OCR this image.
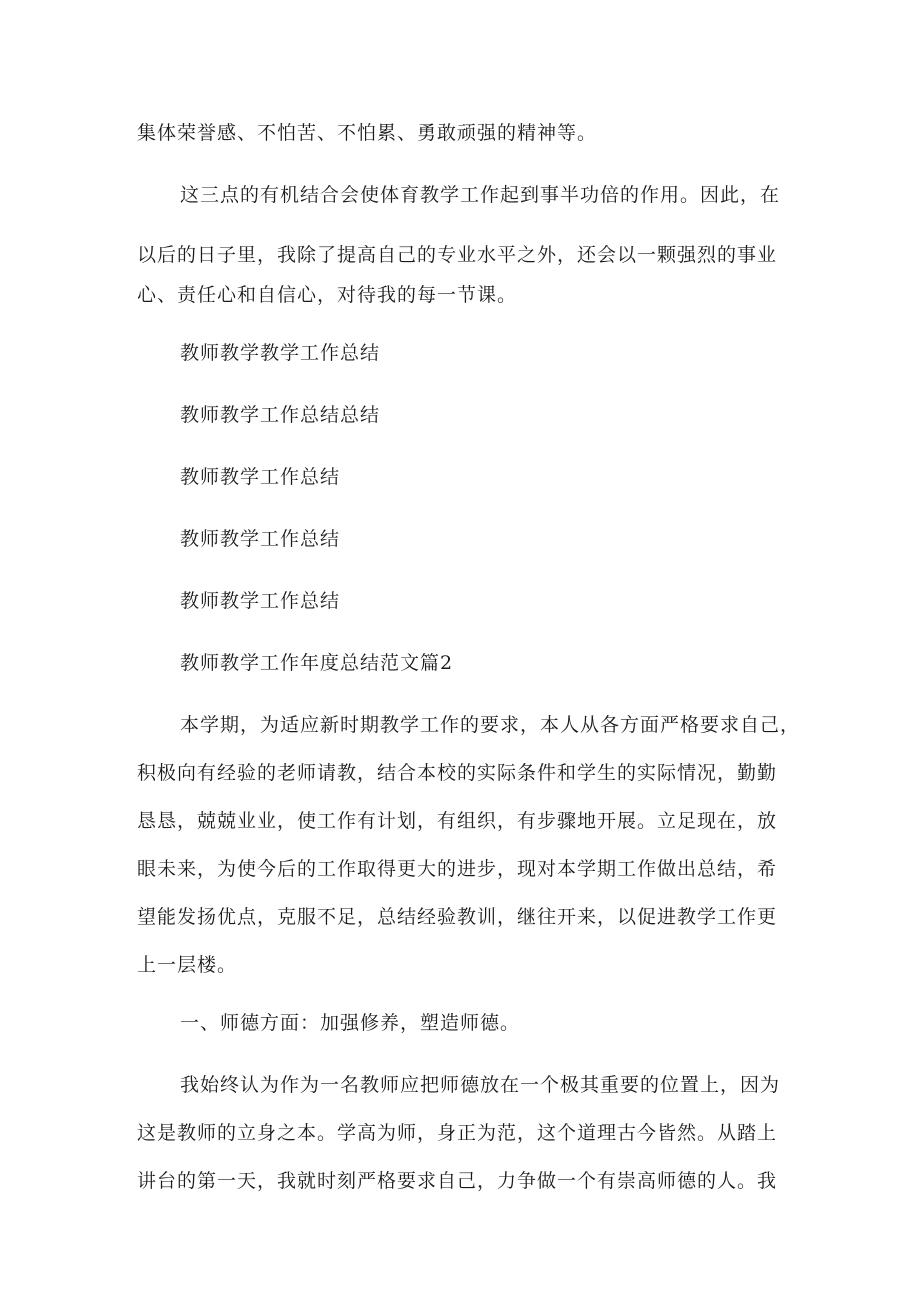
集体荣誉感、不怕苦、不怕累、勇敢顽强的精神等。
这三点的有机结合会使体育教学工作起到事半功倍的作用。因此，在
以后的日子里，我除了提高自己的专业水平之外，还会以一颗强烈的事业
心、责任心和自信心，对待我的每一节课。
教师教学教学工作总结
教师教学工作总结总结
教师教学工作总结
教师教学工作总结
教师教学工作总结
教师教学工作年度总结范文篇2
本学期，为适应新时期教学工作的要求，本人从各方面严格要求自己，
积极向有经验的老师请教，结合本校的实际条件和学生的实际情况，勤勤
恳恳，兢兢业业，使工作有计划，有组织，有步骤地开展。立足现在，放
眼未来，为使今后的工作取得更大的进步，现对本学期工作做出总结，希
望能发扬优点，克服不足，总结经验教训，继往开来，以促进教学工作更
上一层楼。
一、师德方面：加强修养，塑造师德。
我始终认为作为一名教师应把师德放在一个极其重要的位置上，因为
这是教师的立身之本。学高为师，身正为范，这个道理古今皆然。从踏上
讲台的第一天，我就时刻严格要求自己，力争做一个有崇高师德的人。我
